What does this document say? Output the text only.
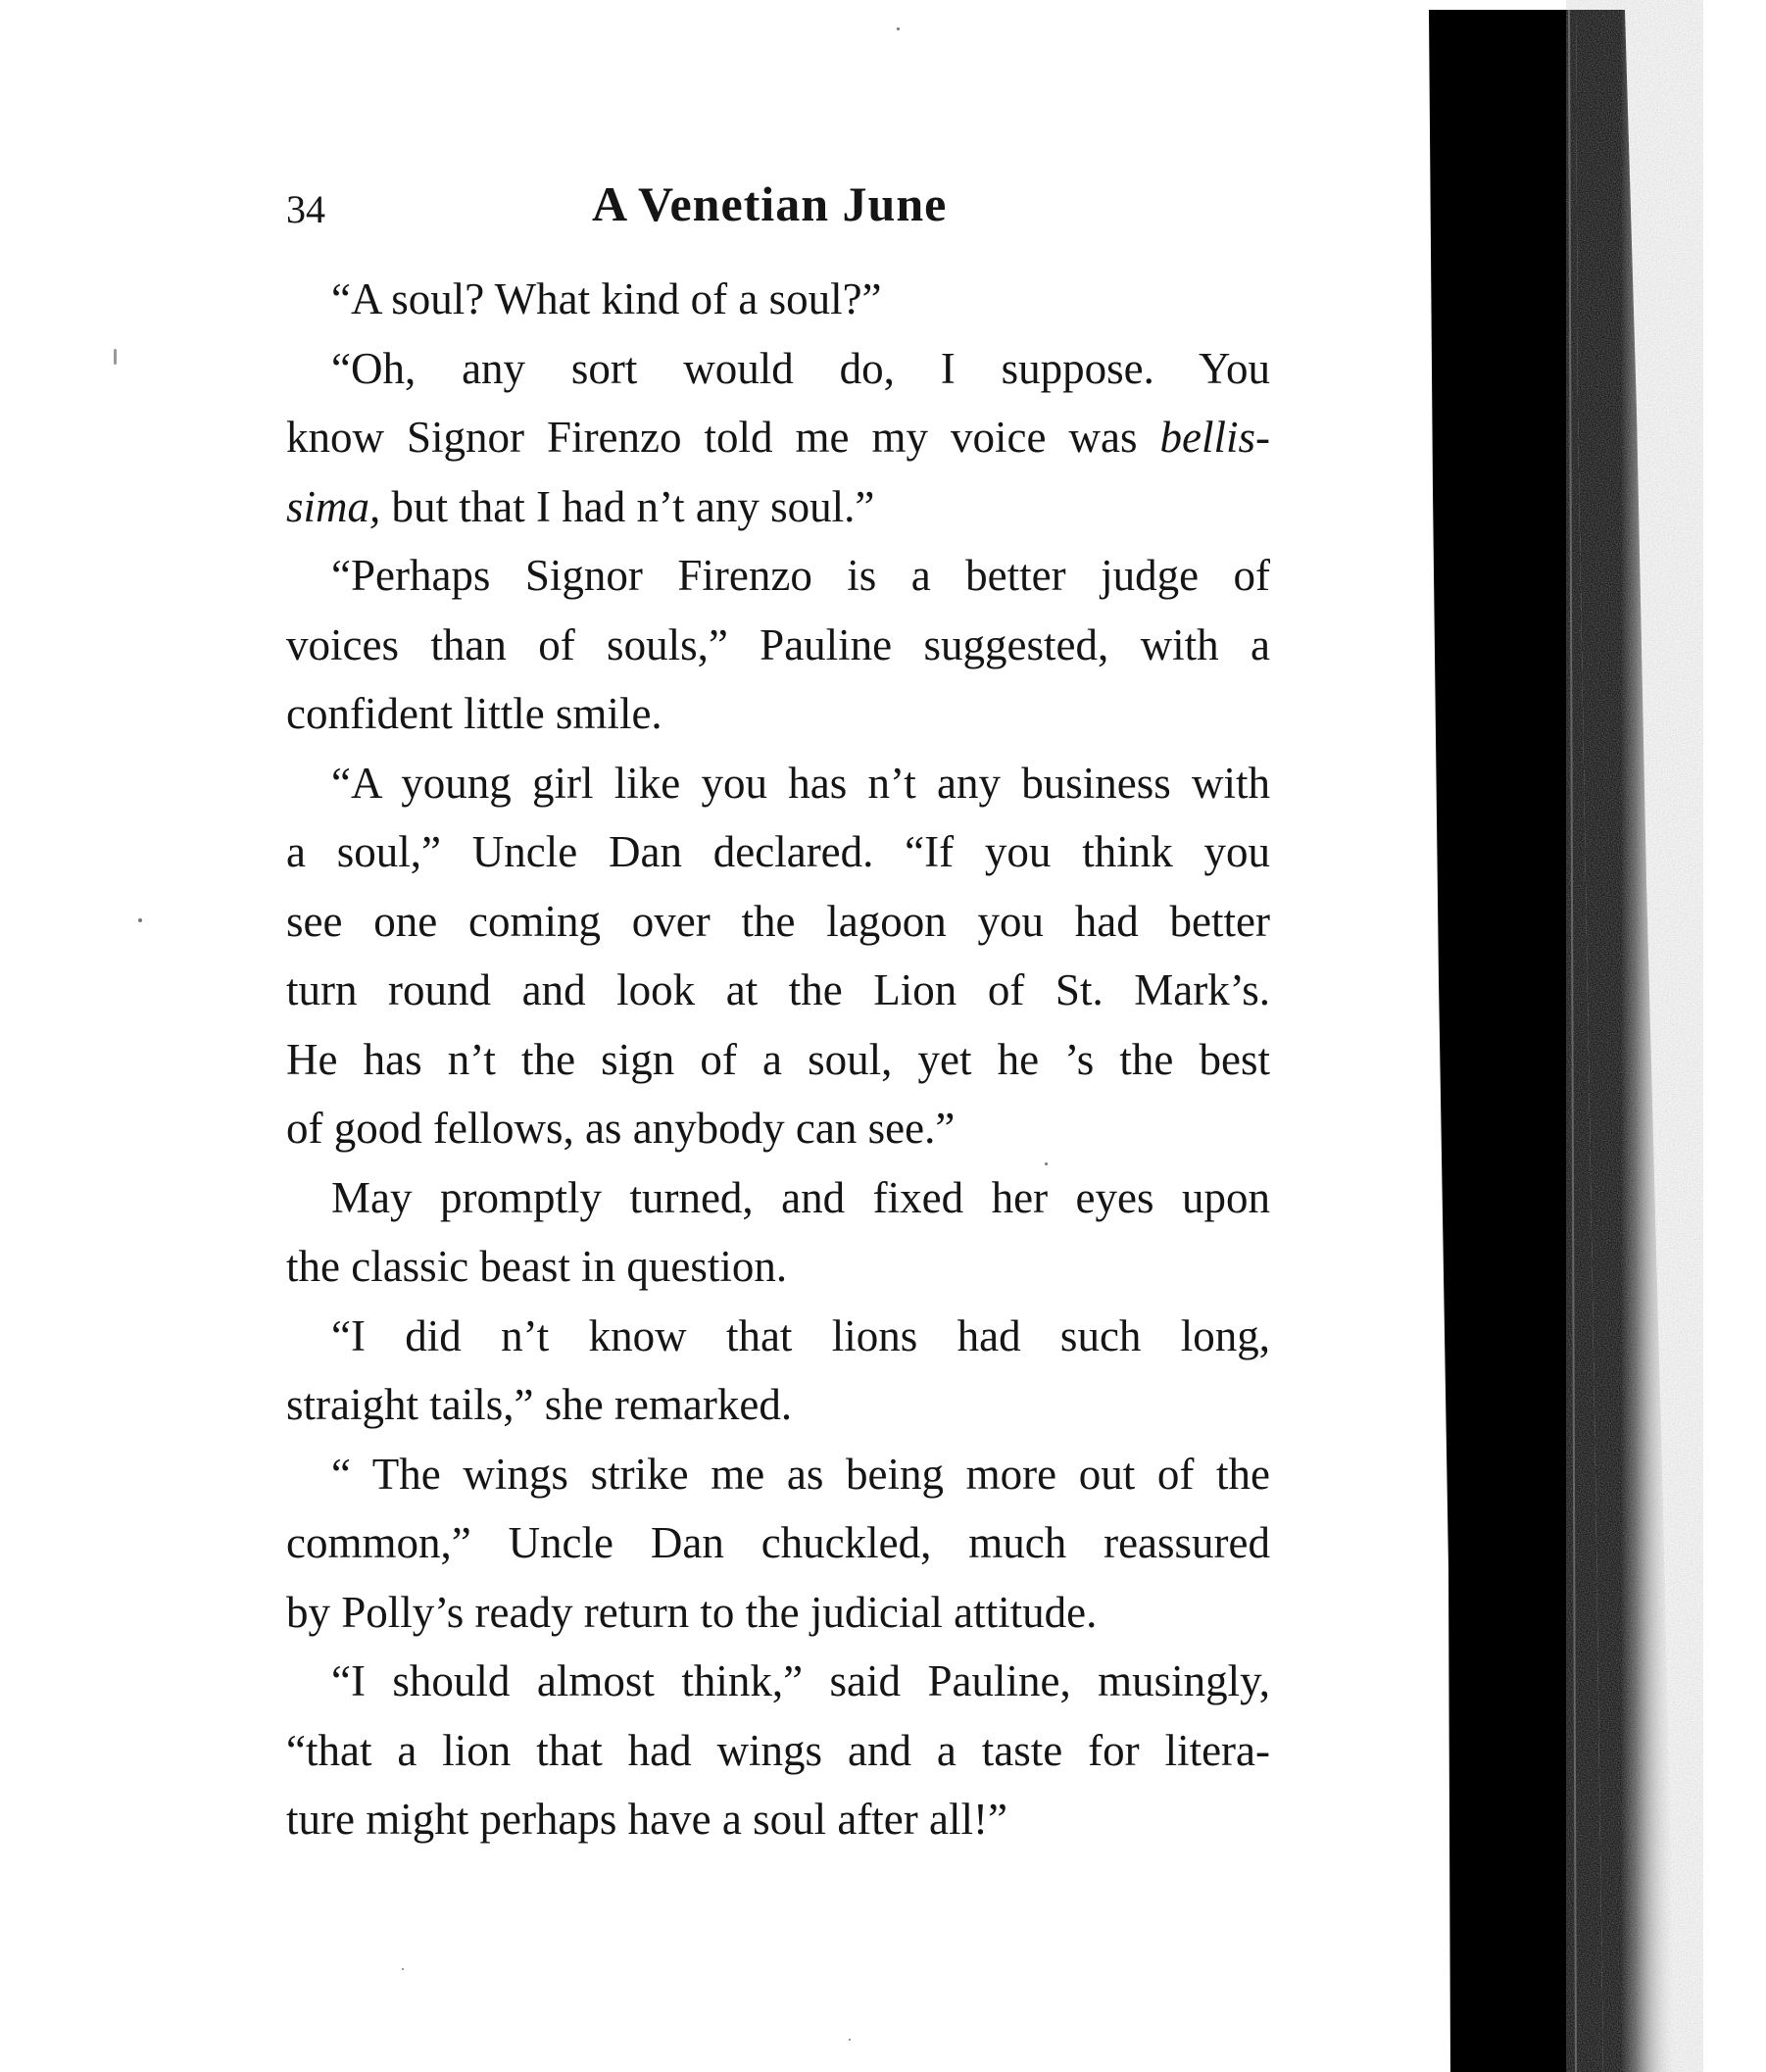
34	A Venetian June
“A soul? What kind of a soul?”
“Oh, any sort would do, I suppose. You
know Signor Firenzo told me my voice was bellis-
sima, but that I had n’t any soul.”
“Perhaps Signor Firenzo is a better judge of
voices than of souls,” Pauline suggested, with a
confident little smile.
“A young girl like you has n’t any business with
a soul,” Uncle Dan declared. “If you think you
see one coming over the lagoon you had better
turn round and look at the Lion of St. Mark’s.
He has n’t the sign of a soul, yet he ’s the best
of good fellows, as anybody can see.”
May promptly turned, and fixed her eyes upon
the classic beast in question.
“I did n’t know that lions had such long,
straight tails,” she remarked.
“ The wings strike me as being more out of the
common,” Uncle Dan chuckled, much reassured
by Polly’s ready return to the judicial attitude.
“I should almost think,” said Pauline, musingly,
“that a lion that had wings and a taste for litera-
ture might perhaps have a soul after all!”
